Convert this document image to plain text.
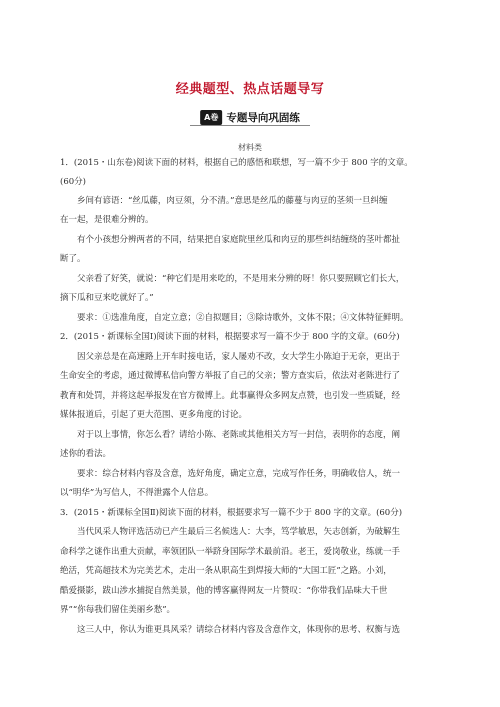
经典题型、热点话题导写
A卷 专题导向巩固练
材料类
1．(2015・山东卷)阅读下面的材料，根据自己的感悟和联想，写一篇不少于 800 字的文章。
(60分)
乡间有谚语：“丝瓜藤，肉豆须，分不清。”意思是丝瓜的藤蔓与肉豆的茎须一旦纠缠
在一起，是很难分辨的。
有个小孩想分辨两者的不同，结果把自家庭院里丝瓜和肉豆的那些纠结缠绕的茎叶都扯
断了。
父亲看了好笑，就说：“种它们是用来吃的，不是用来分辨的呀！你只要照顾它们长大，
摘下瓜和豆来吃就好了。”
要求：①选准角度，自定立意；②自拟题目；③除诗歌外，文体不限；④文体特征鲜明。
2．(2015・新课标全国Ⅰ)阅读下面的材料，根据要求写一篇不少于 800 字的文章。(60分)
因父亲总是在高速路上开车时接电话，家人屡劝不改，女大学生小陈迫于无奈，更出于
生命安全的考虑，通过微博私信向警方举报了自己的父亲；警方查实后，依法对老陈进行了
教育和处罚，并将这起举报发在官方微博上。此事赢得众多网友点赞，也引发一些质疑，经
媒体报道后，引起了更大范围、更多角度的讨论。
对于以上事情，你怎么看？请给小陈、老陈或其他相关方写一封信，表明你的态度，阐
述你的看法。
要求：综合材料内容及含意，选好角度，确定立意，完成写作任务，明确收信人，统一
以“明华”为写信人，不得泄露个人信息。
3．(2015・新课标全国Ⅱ)阅读下面的材料，根据要求写一篇不少于 800 字的文章。(60分)
当代风采人物评选活动已产生最后三名候选人：大李，笃学敏思，矢志创新，为破解生
命科学之谜作出重大贡献，率领团队一举跻身国际学术最前沿。老王，爱岗敬业，练就一手
绝活，凭高超技术为完美艺术，走出一条从职高生到焊接大师的“大国工匠”之路。小刘，
酷爱摄影，跋山涉水捕捉自然美景，他的博客赢得网友一片赞叹：“你带我们品味大千世
界”“你每我们留住美丽乡愁”。
这三人中，你认为谁更具风采？请综合材料内容及含意作文，体现你的思考、权衡与选
